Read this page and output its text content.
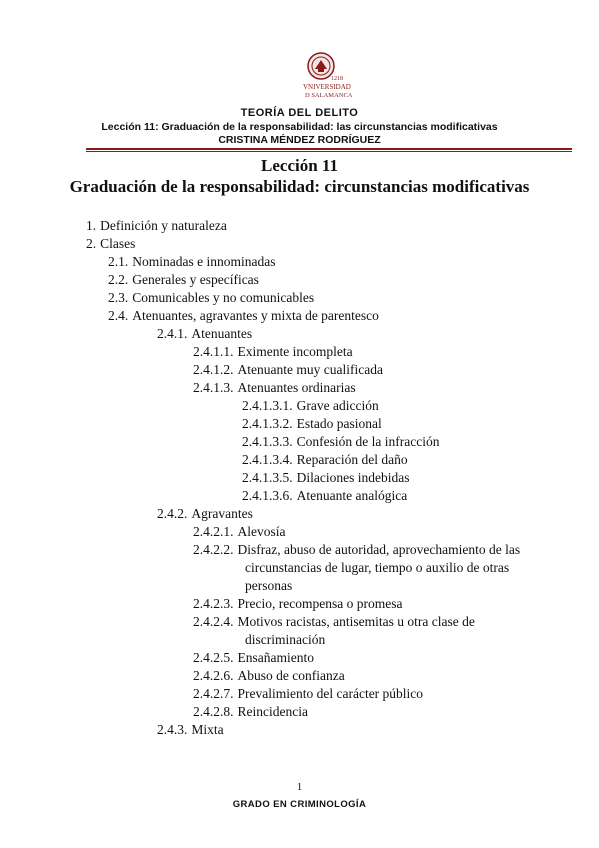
1218
VNIVERSIDAD
D SALAMANCA
TEORÍA DEL DELITO
Lección 11: Graduación de la responsabilidad: las circunstancias modificativas
CRISTINA MÉNDEZ RODRÍGUEZ
Lección 11
Graduación de la responsabilidad: circunstancias modificativas
1. Definición y naturaleza
2. Clases
2.1. Nominadas e innominadas
2.2. Generales y específicas
2.3. Comunicables y no comunicables
2.4. Atenuantes, agravantes y mixta de parentesco
2.4.1. Atenuantes
2.4.1.1. Eximente incompleta
2.4.1.2. Atenuante muy cualificada
2.4.1.3. Atenuantes ordinarias
2.4.1.3.1. Grave adicción
2.4.1.3.2. Estado pasional
2.4.1.3.3. Confesión de la infracción
2.4.1.3.4. Reparación del daño
2.4.1.3.5. Dilaciones indebidas
2.4.1.3.6. Atenuante analógica
2.4.2. Agravantes
2.4.2.1. Alevosía
2.4.2.2. Disfraz, abuso de autoridad, aprovechamiento de las
circunstancias de lugar, tiempo o auxilio de otras
personas
2.4.2.3. Precio, recompensa o promesa
2.4.2.4. Motivos racistas, antisemitas u otra clase de
discriminación
2.4.2.5. Ensañamiento
2.4.2.6. Abuso de confianza
2.4.2.7. Prevalimiento del carácter público
2.4.2.8. Reincidencia
2.4.3. Mixta
1
GRADO EN CRIMINOLOGÍA
